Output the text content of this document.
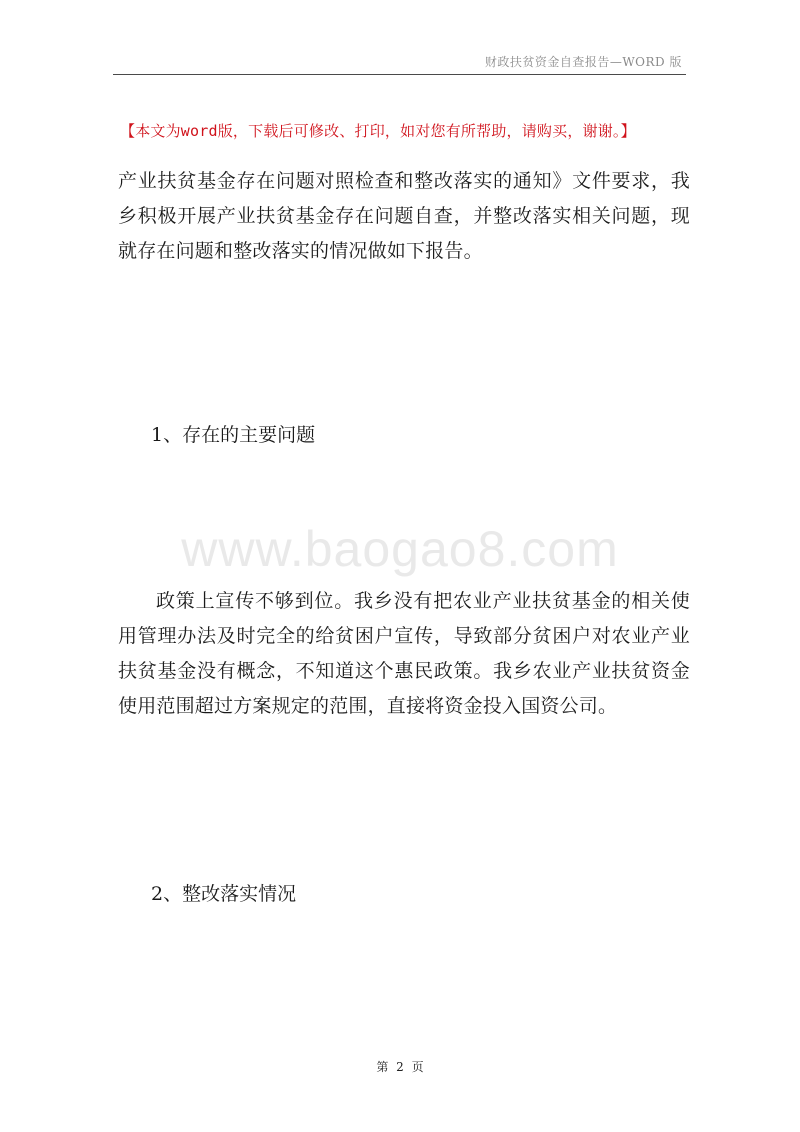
财政扶贫资金自查报告—WORD 版
【本文为word版，下载后可修改、打印，如对您有所帮助，请购买，谢谢。】
产业扶贫基金存在问题对照检查和整改落实的通知》文件要求，我乡积极开展产业扶贫基金存在问题自查，并整改落实相关问题，现就存在问题和整改落实的情况做如下报告。
1、存在的主要问题
www.baogao8.com
政策上宣传不够到位。我乡没有把农业产业扶贫基金的相关使用管理办法及时完全的给贫困户宣传，导致部分贫困户对农业产业扶贫基金没有概念，不知道这个惠民政策。我乡农业产业扶贫资金使用范围超过方案规定的范围，直接将资金投入国资公司。
2、整改落实情况
第 2 页
